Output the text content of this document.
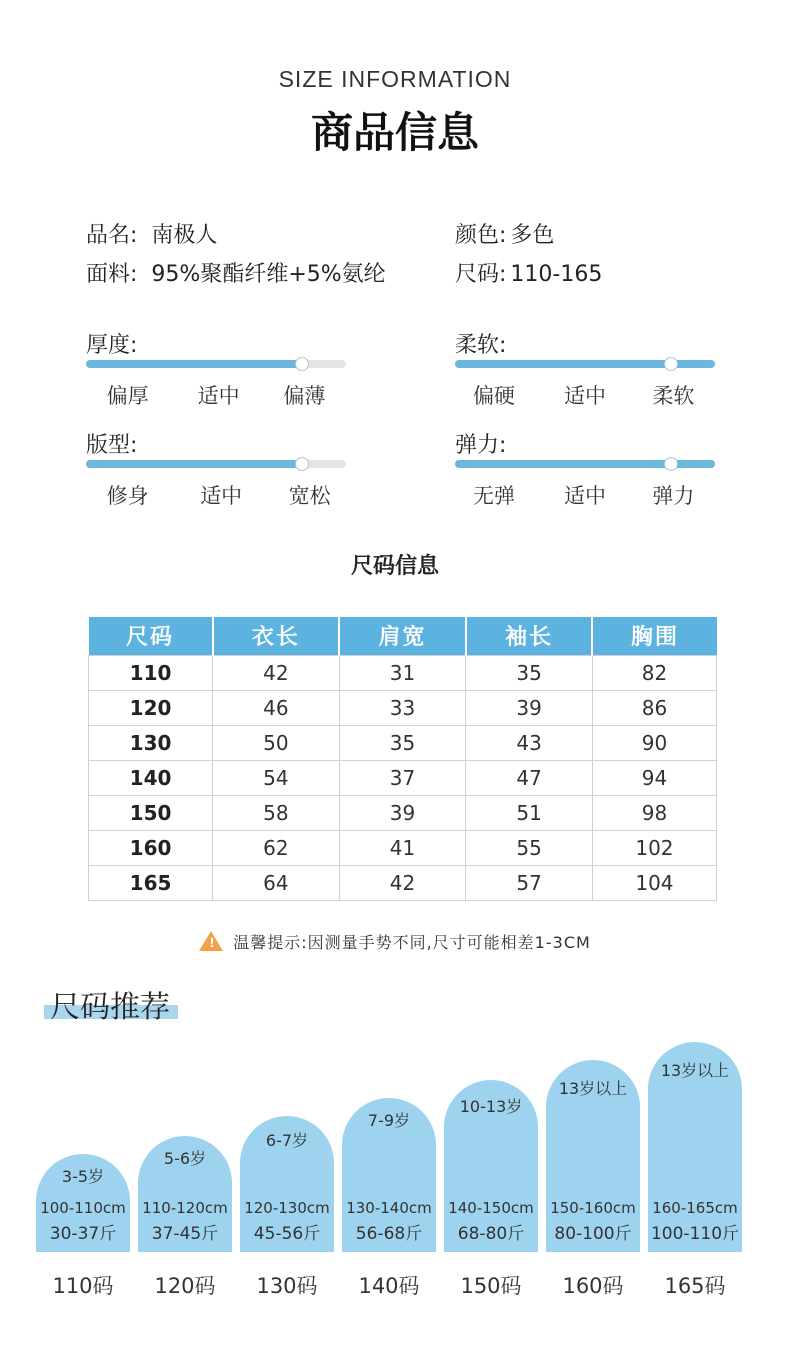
SIZE INFORMATION
商品信息
品名: 南极人
面料: 95%聚酯纤维+5%氨纶
颜色: 多色
尺码: 110-165
厚度:
偏厚 适中 偏薄
柔软:
偏硬 适中 柔软
版型:
修身 适中 宽松
弹力:
无弹 适中 弹力
尺码信息
尺码	衣长	肩宽	袖长	胸围
110	42	31	35	82
120	46	33	39	86
130	50	35	43	90
140	54	37	47	94
150	58	39	51	98
160	62	41	55	102
165	64	42	57	104
! 温馨提示:因测量手势不同,尺寸可能相差1-3CM
尺码推荐
3-5岁
100-110cm
30-37斤
5-6岁
110-120cm
37-45斤
6-7岁
120-130cm
45-56斤
7-9岁
130-140cm
56-68斤
10-13岁
140-150cm
68-80斤
13岁以上
150-160cm
80-100斤
13岁以上
160-165cm
100-110斤
110码	120码	130码	140码	150码	160码	165码
